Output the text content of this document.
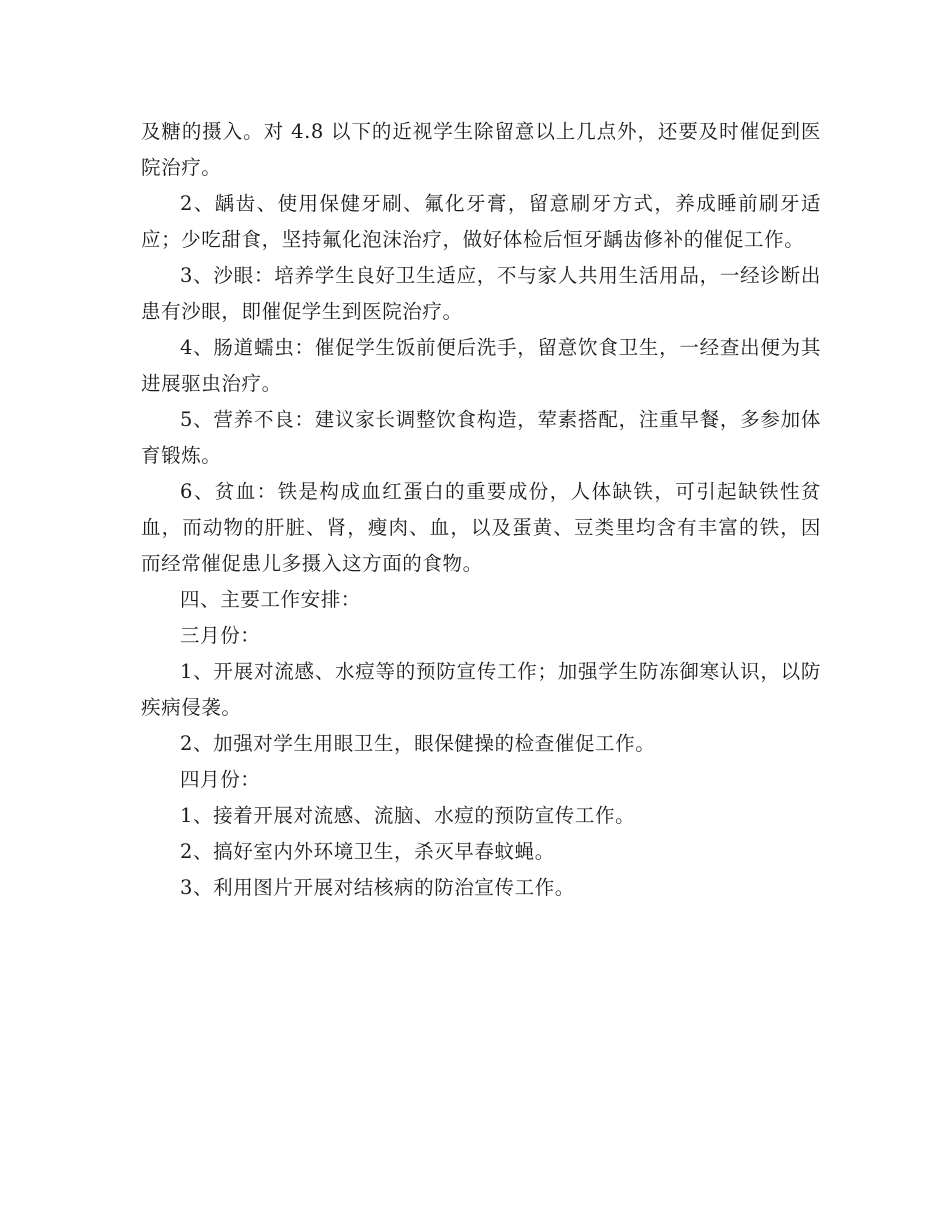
及糖的摄入。对 4.8 以下的近视学生除留意以上几点外，还要及时催促到医院治疗。

2、龋齿、使用保健牙刷、氟化牙膏，留意刷牙方式，养成睡前刷牙适应；少吃甜食，坚持氟化泡沫治疗，做好体检后恒牙龋齿修补的催促工作。

3、沙眼：培养学生良好卫生适应，不与家人共用生活用品，一经诊断出患有沙眼，即催促学生到医院治疗。

4、肠道蠕虫：催促学生饭前便后洗手，留意饮食卫生，一经查出便为其进展驱虫治疗。

5、营养不良：建议家长调整饮食构造，荤素搭配，注重早餐，多参加体育锻炼。

6、贫血：铁是构成血红蛋白的重要成份，人体缺铁，可引起缺铁性贫血，而动物的肝脏、肾，瘦肉、血，以及蛋黄、豆类里均含有丰富的铁，因而经常催促患儿多摄入这方面的食物。

四、主要工作安排：

三月份：

1、开展对流感、水痘等的预防宣传工作；加强学生防冻御寒认识，以防疾病侵袭。

2、加强对学生用眼卫生，眼保健操的检查催促工作。

四月份：

1、接着开展对流感、流脑、水痘的预防宣传工作。

2、搞好室内外环境卫生，杀灭早春蚊蝇。

3、利用图片开展对结核病的防治宣传工作。
